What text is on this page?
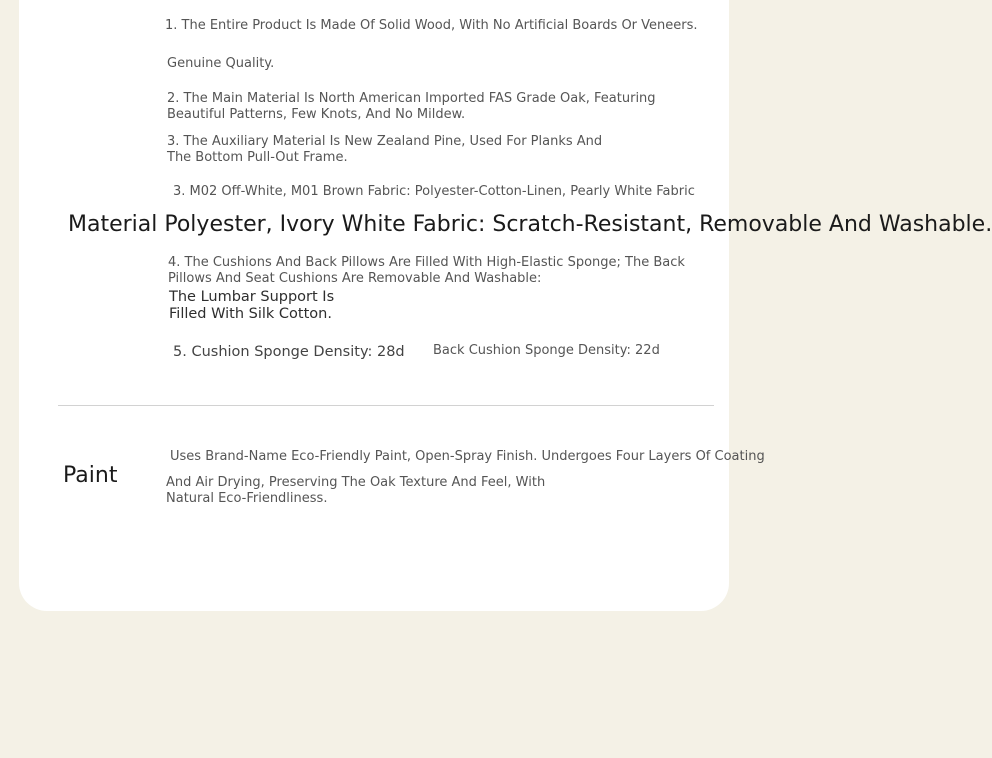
1. The Entire Product Is Made Of Solid Wood, With No Artificial Boards Or Veneers.

Genuine Quality.

2. The Main Material Is North American Imported FAS Grade Oak, Featuring Beautiful Patterns, Few Knots, And No Mildew.

3. The Auxiliary Material Is New Zealand Pine, Used For Planks And The Bottom Pull-Out Frame.

3. M02 Off-White, M01 Brown Fabric: Polyester-Cotton-Linen, Pearly White Fabric

Material Polyester, Ivory White Fabric: Scratch-Resistant, Removable And Washable.

4. The Cushions And Back Pillows Are Filled With High-Elastic Sponge; The Back Pillows And Seat Cushions Are Removable And Washable:

The Lumbar Support Is Filled With Silk Cotton.

5. Cushion Sponge Density: 28d Back Cushion Sponge Density: 22d

Paint

Uses Brand-Name Eco-Friendly Paint, Open-Spray Finish. Undergoes Four Layers Of Coating

And Air Drying, Preserving The Oak Texture And Feel, With Natural Eco-Friendliness.
